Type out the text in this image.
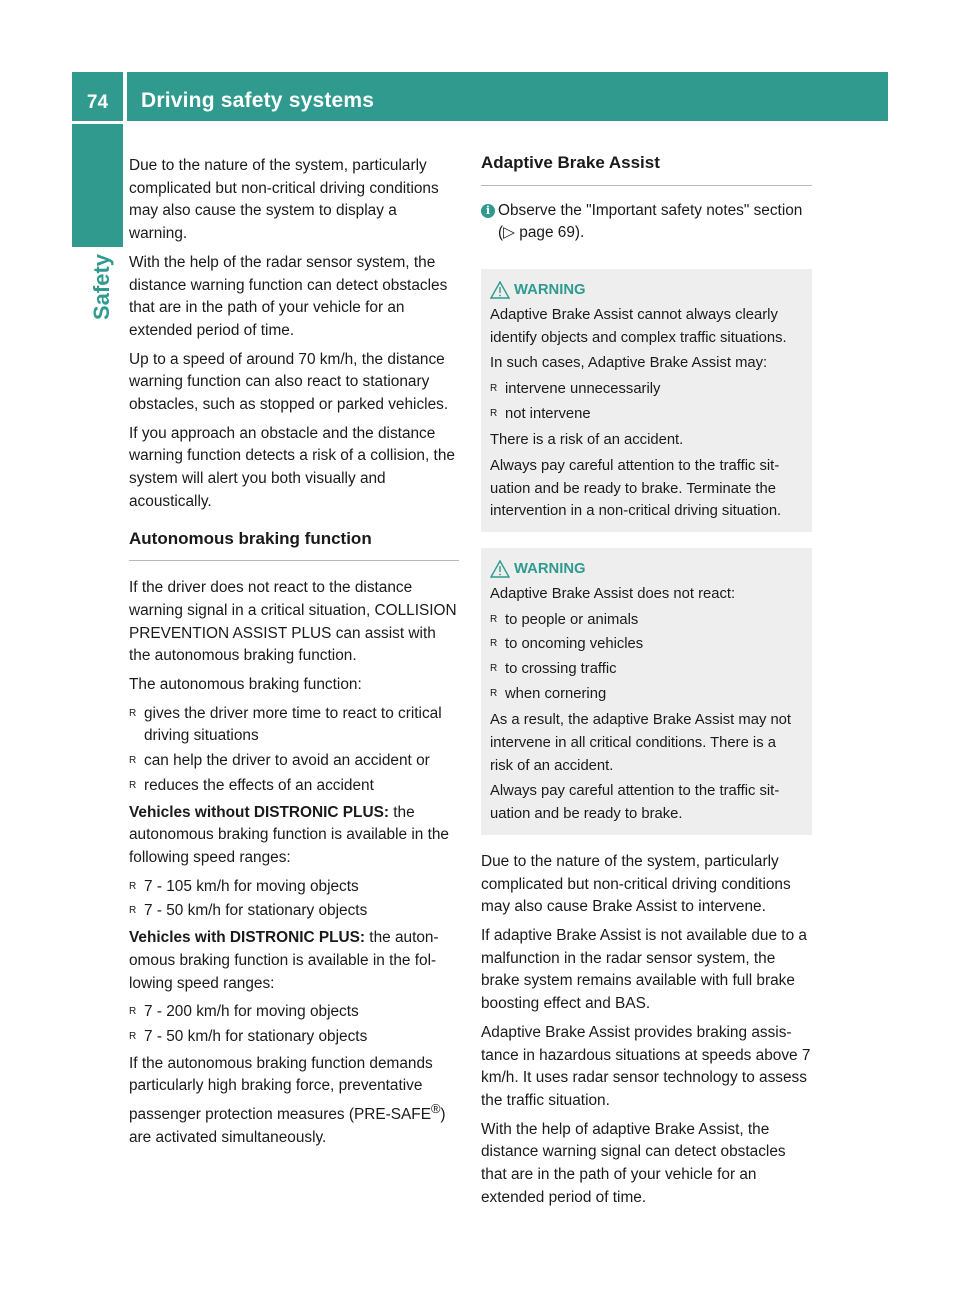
74	Driving safety systems
Safety

Due to the nature of the system, particularly complicated but non-critical driving conditions may also cause the system to display a warning.

With the help of the radar sensor system, the distance warning function can detect obstacles that are in the path of your vehicle for an extended period of time.

Up to a speed of around 70 km/h, the distance warning function can also react to stationary obstacles, such as stopped or parked vehicles.

If you approach an obstacle and the distance warning function detects a risk of a collision, the system will alert you both visually and acoustically.

Autonomous braking function

If the driver does not react to the distance warning signal in a critical situation, COLLISION PREVENTION ASSIST PLUS can assist with the autonomous braking function.

The autonomous braking function:

R gives the driver more time to react to critical driving situations
R can help the driver to avoid an accident or
R reduces the effects of an accident

Vehicles without DISTRONIC PLUS: the autonomous braking function is available in the following speed ranges:

R 7 - 105 km/h for moving objects
R 7 - 50 km/h for stationary objects

Vehicles with DISTRONIC PLUS: the autonomous braking function is available in the following speed ranges:

R 7 - 200 km/h for moving objects
R 7 - 50 km/h for stationary objects

If the autonomous braking function demands particularly high braking force, preventative passenger protection measures (PRE-SAFE®) are activated simultaneously.

Adaptive Brake Assist
i Observe the "Important safety notes" section (▷ page 69).
WARNING

Adaptive Brake Assist cannot always clearly identify objects and complex traffic situations.

In such cases, Adaptive Brake Assist may:

R intervene unnecessarily
R not intervene

There is a risk of an accident.

Always pay careful attention to the traffic situation and be ready to brake. Terminate the intervention in a non-critical driving situation.

WARNING

Adaptive Brake Assist does not react:

R to people or animals
R to oncoming vehicles
R to crossing traffic
R when cornering

As a result, the adaptive Brake Assist may not intervene in all critical conditions. There is a risk of an accident.

Always pay careful attention to the traffic situation and be ready to brake.

Due to the nature of the system, particularly complicated but non-critical driving conditions may also cause Brake Assist to intervene.

If adaptive Brake Assist is not available due to a malfunction in the radar sensor system, the brake system remains available with full brake boosting effect and BAS.

Adaptive Brake Assist provides braking assistance in hazardous situations at speeds above 7 km/h. It uses radar sensor technology to assess the traffic situation.

With the help of adaptive Brake Assist, the distance warning signal can detect obstacles that are in the path of your vehicle for an extended period of time.
